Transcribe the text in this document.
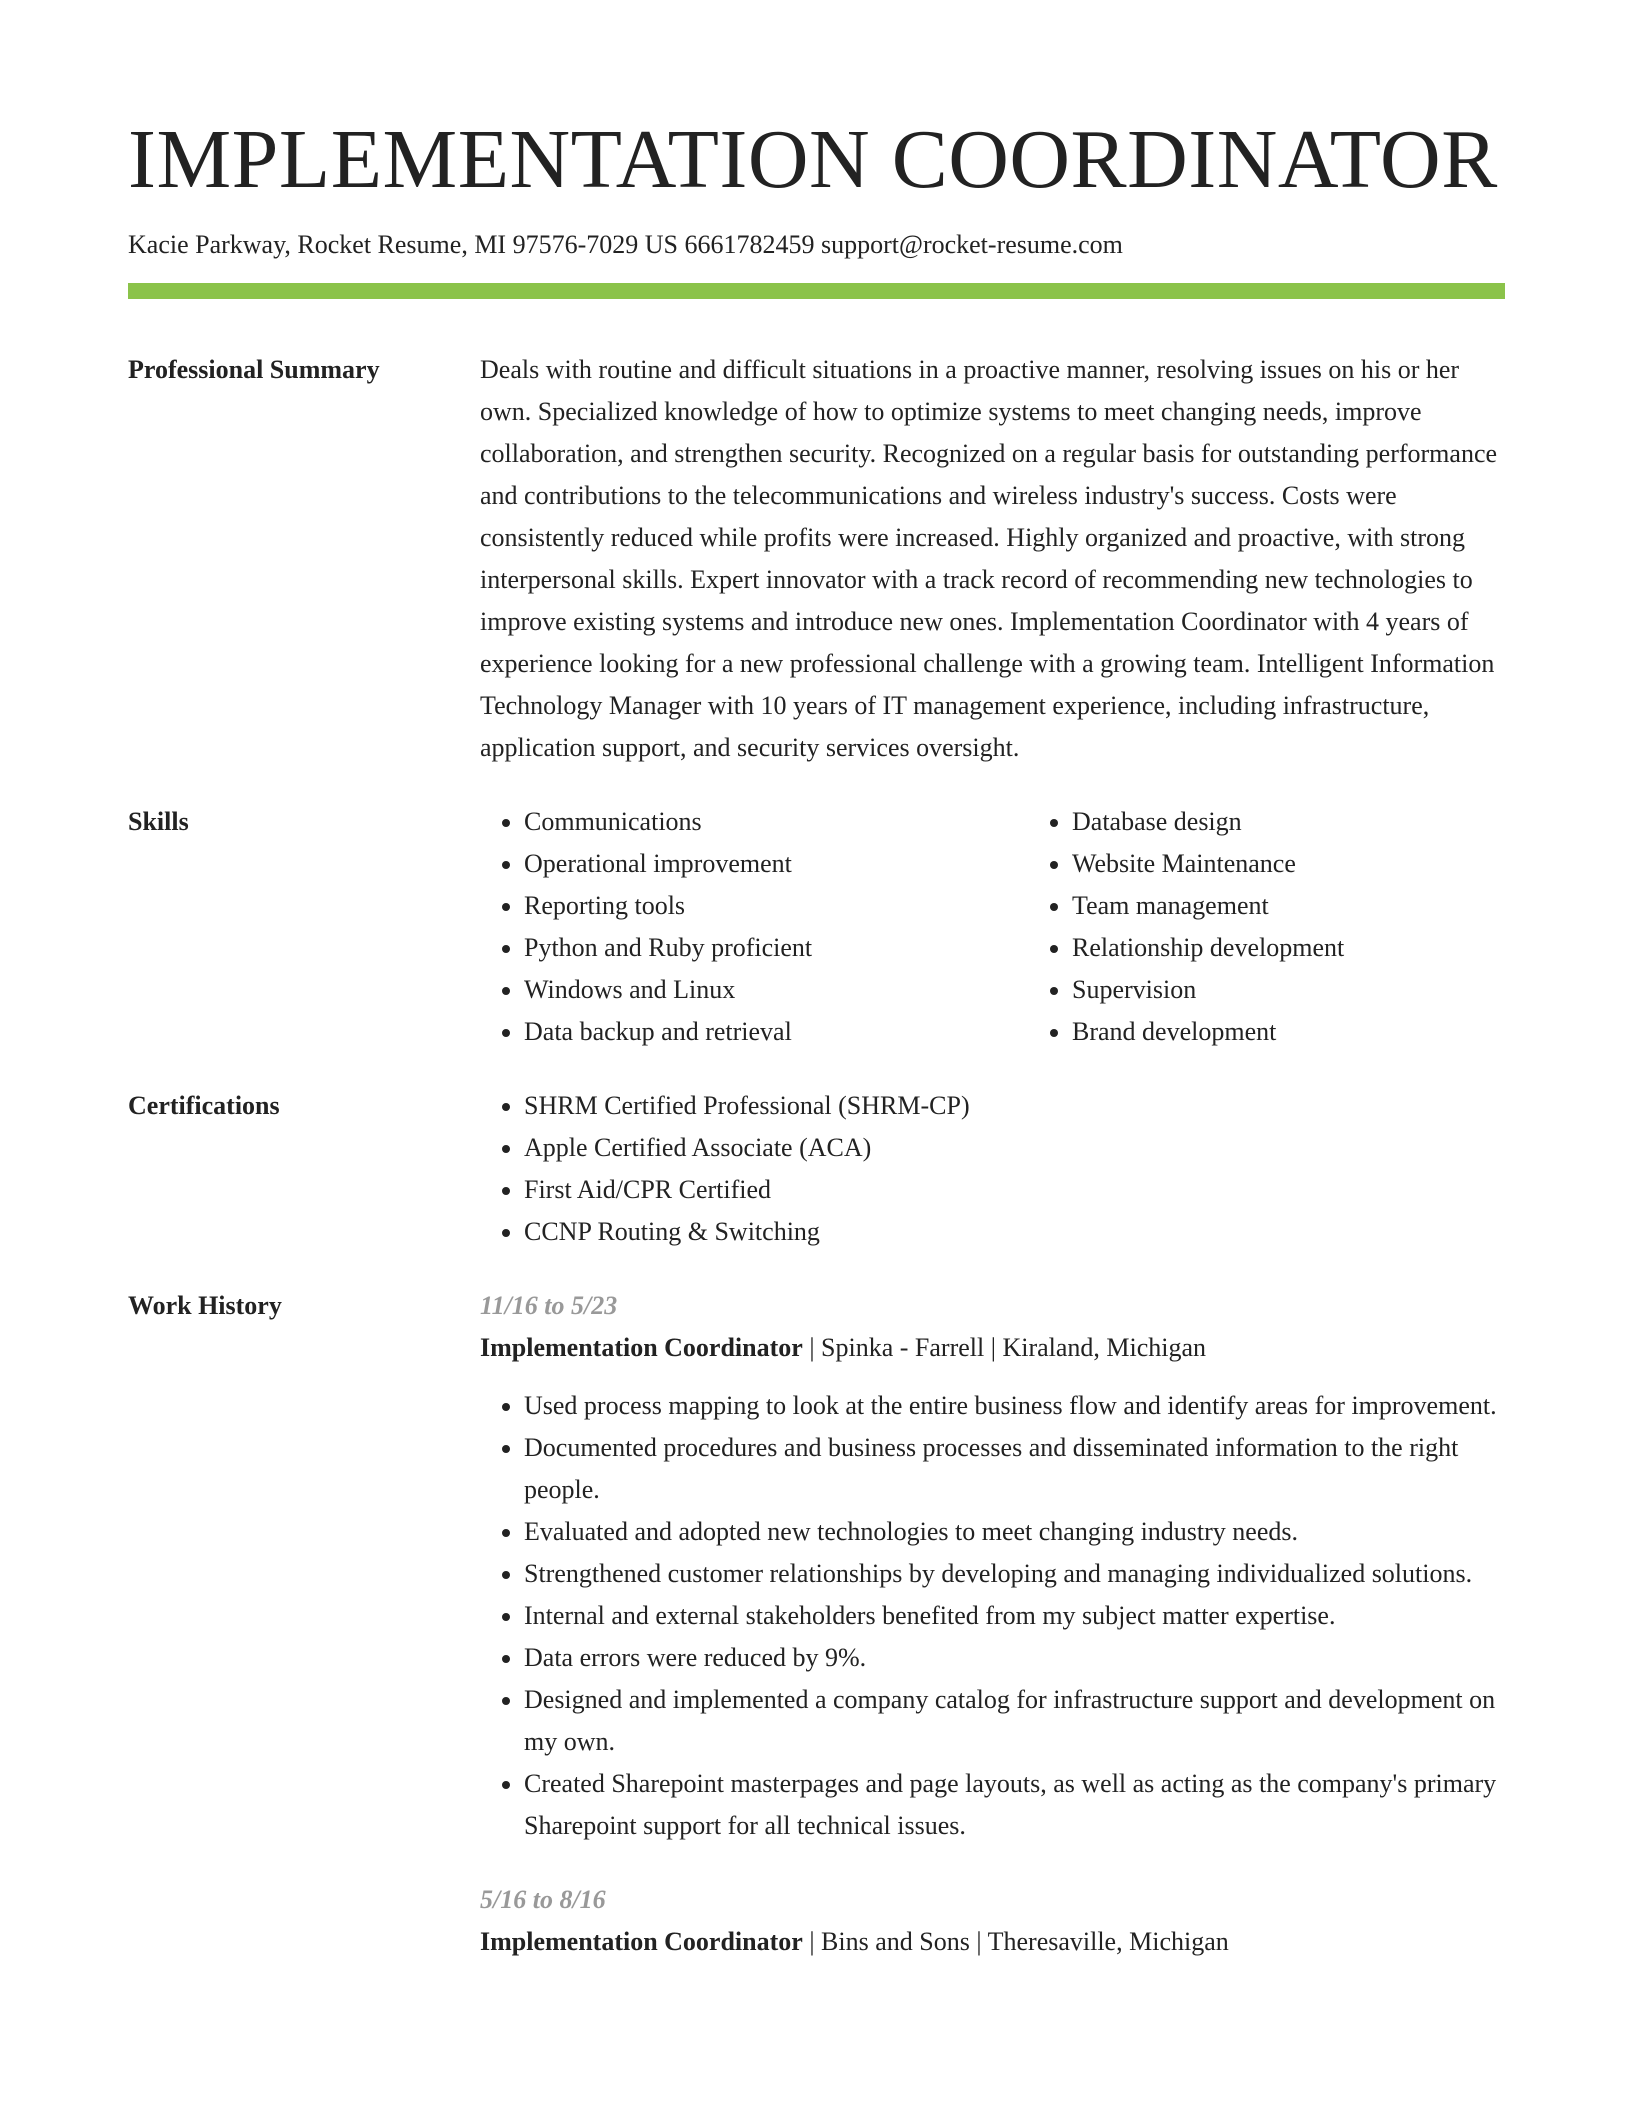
IMPLEMENTATION COORDINATOR
Kacie Parkway, Rocket Resume, MI 97576-7029 US 6661782459 support@rocket-resume.com
Professional Summary	Deals with routine and difficult situations in a proactive manner, resolving issues on his or her own. Specialized knowledge of how to optimize systems to meet changing needs, improve collaboration, and strengthen security. Recognized on a regular basis for outstanding performance and contributions to the telecommunications and wireless industry's success. Costs were consistently reduced while profits were increased. Highly organized and proactive, with strong interpersonal skills. Expert innovator with a track record of recommending new technologies to improve existing systems and introduce new ones. Implementation Coordinator with 4 years of experience looking for a new professional challenge with a growing team. Intelligent Information Technology Manager with 10 years of IT management experience, including infrastructure, application support, and security services oversight.

Skills	• Communications
• Operational improvement
• Reporting tools
• Python and Ruby proficient
• Windows and Linux
• Data backup and retrieval
• Database design
• Website Maintenance
• Team management
• Relationship development
• Supervision
• Brand development
Certifications	• SHRM Certified Professional (SHRM-CP)
• Apple Certified Associate (ACA)
• First Aid/CPR Certified
• CCNP Routing & Switching
Work History	11/16 to 5/23
Implementation Coordinator | Spinka - Farrell | Kiraland, Michigan
• Used process mapping to look at the entire business flow and identify areas for improvement.
• Documented procedures and business processes and disseminated information to the right people.
• Evaluated and adopted new technologies to meet changing industry needs.
• Strengthened customer relationships by developing and managing individualized solutions.
• Internal and external stakeholders benefited from my subject matter expertise.
• Data errors were reduced by 9%.
• Designed and implemented a company catalog for infrastructure support and development on my own.
• Created Sharepoint masterpages and page layouts, as well as acting as the company's primary Sharepoint support for all technical issues.
5/16 to 8/16
Implementation Coordinator | Bins and Sons | Theresaville, Michigan
